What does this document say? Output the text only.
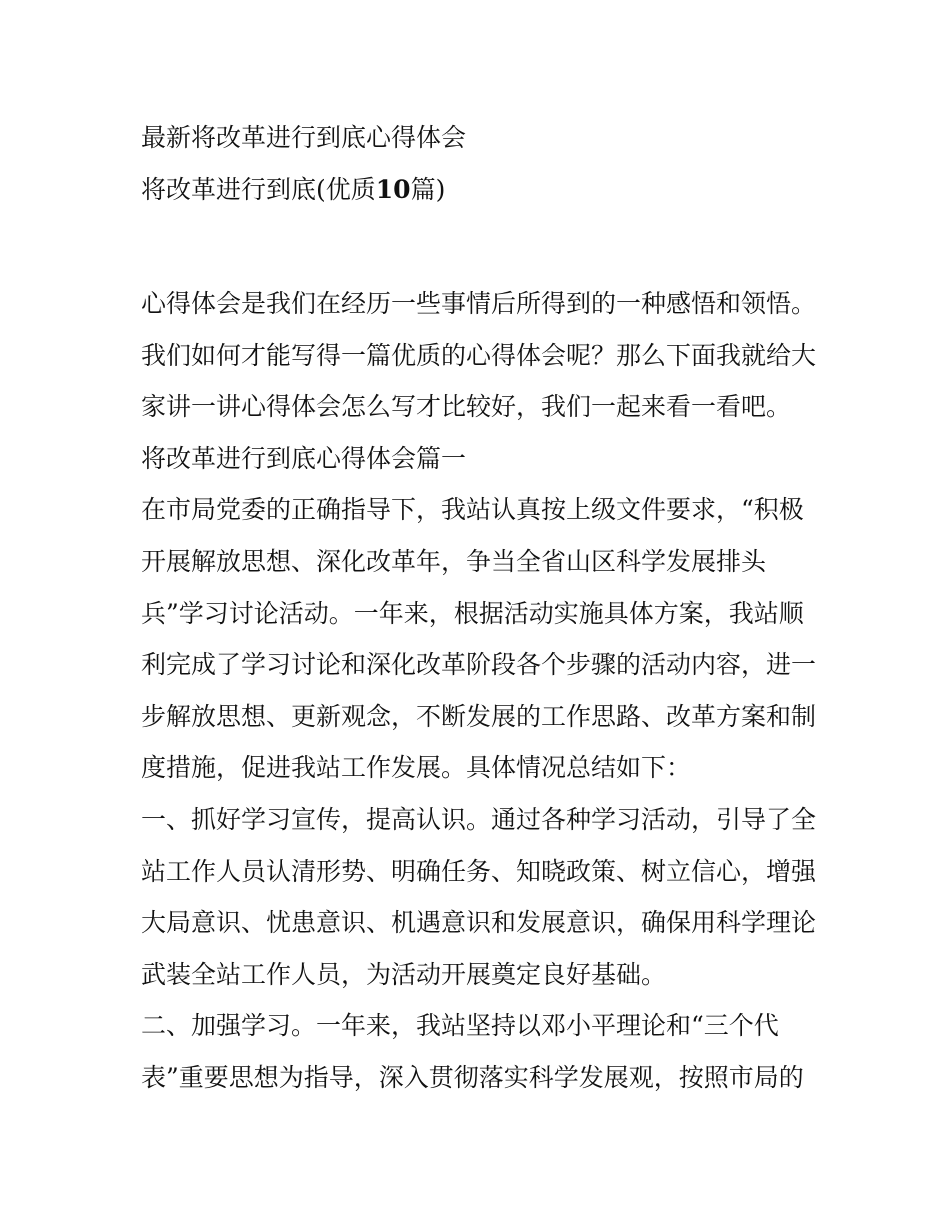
最新将改革进行到底心得体会
将改革进行到底(优质10篇)
心得体会是我们在经历一些事情后所得到的一种感悟和领悟。
我们如何才能写得一篇优质的心得体会呢？那么下面我就给大
家讲一讲心得体会怎么写才比较好，我们一起来看一看吧。
将改革进行到底心得体会篇一
在市局党委的正确指导下，我站认真按上级文件要求，“积极
开展解放思想、深化改革年，争当全省山区科学发展排头
兵”学习讨论活动。一年来，根据活动实施具体方案，我站顺
利完成了学习讨论和深化改革阶段各个步骤的活动内容，进一
步解放思想、更新观念，不断发展的工作思路、改革方案和制
度措施，促进我站工作发展。具体情况总结如下：
一、抓好学习宣传，提高认识。通过各种学习活动，引导了全
站工作人员认清形势、明确任务、知晓政策、树立信心，增强
大局意识、忧患意识、机遇意识和发展意识，确保用科学理论
武装全站工作人员，为活动开展奠定良好基础。
二、加强学习。一年来，我站坚持以邓小平理论和“三个代
表”重要思想为指导，深入贯彻落实科学发展观，按照市局的
